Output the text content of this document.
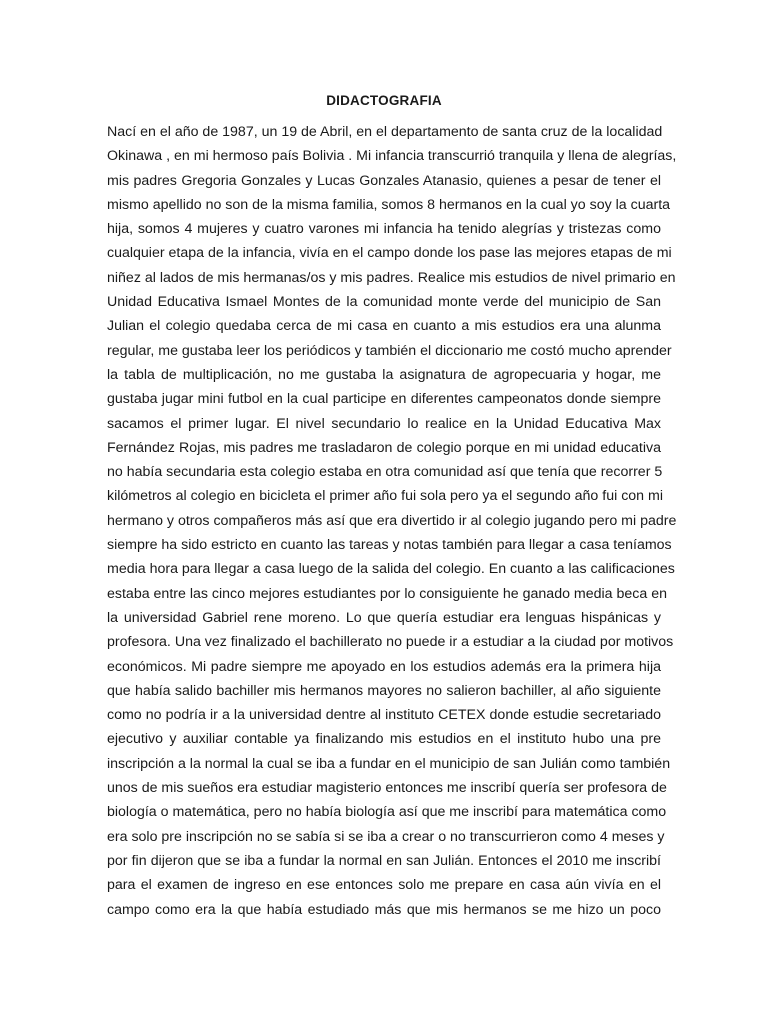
DIDACTOGRAFIA
Nací en el año de 1987, un 19 de Abril, en el departamento de santa cruz de la localidad
Okinawa , en mi hermoso país Bolivia . Mi infancia transcurrió tranquila y llena de alegrías,
mis padres Gregoria Gonzales y Lucas Gonzales Atanasio, quienes a pesar de tener el
mismo apellido no son de la misma familia, somos 8 hermanos en la cual yo soy la cuarta
hija, somos 4 mujeres y cuatro varones mi infancia ha tenido alegrías y tristezas como
cualquier etapa de la infancia, vivía en el campo donde los pase las mejores etapas de mi
niñez al lados de mis hermanas/os y mis padres. Realice mis estudios de nivel primario en
Unidad Educativa Ismael Montes de la comunidad monte verde del municipio de San
Julian el colegio quedaba cerca de mi casa en cuanto a mis estudios era una alunma
regular, me gustaba leer los periódicos y también el diccionario me costó mucho aprender
la tabla de multiplicación, no me gustaba la asignatura de agropecuaria y hogar, me
gustaba jugar mini futbol en la cual participe en diferentes campeonatos donde siempre
sacamos el primer lugar. El nivel secundario lo realice en la Unidad Educativa Max
Fernández Rojas, mis padres me trasladaron de colegio porque en mi unidad educativa
no había secundaria esta colegio estaba en otra comunidad así que tenía que recorrer 5
kilómetros al colegio en bicicleta el primer año fui sola pero ya el segundo año fui con mi
hermano y otros compañeros más así que era divertido ir al colegio jugando pero mi padre
siempre ha sido estricto en cuanto las tareas y notas también para llegar a casa teníamos
media hora para llegar a casa luego de la salida del colegio. En cuanto a las calificaciones
estaba entre las cinco mejores estudiantes por lo consiguiente he ganado media beca en
la universidad Gabriel rene moreno. Lo que quería estudiar era lenguas hispánicas y
profesora. Una vez finalizado el bachillerato no puede ir a estudiar a la ciudad por motivos
económicos. Mi padre siempre me apoyado en los estudios además era la primera hija
que había salido bachiller mis hermanos mayores no salieron bachiller, al año siguiente
como no podría ir a la universidad dentre al instituto CETEX donde estudie secretariado
ejecutivo y auxiliar contable ya finalizando mis estudios en el instituto hubo una pre
inscripción a la normal la cual se iba a fundar en el municipio de san Julián como también
unos de mis sueños era estudiar magisterio entonces me inscribí quería ser profesora de
biología o matemática, pero no había biología así que me inscribí para matemática como
era solo pre inscripción no se sabía si se iba a crear o no transcurrieron como 4 meses y
por fin dijeron que se iba a fundar la normal en san Julián. Entonces el 2010 me inscribí
para el examen de ingreso en ese entonces solo me prepare en casa aún vivía en el
campo como era la que había estudiado más que mis hermanos se me hizo un poco
